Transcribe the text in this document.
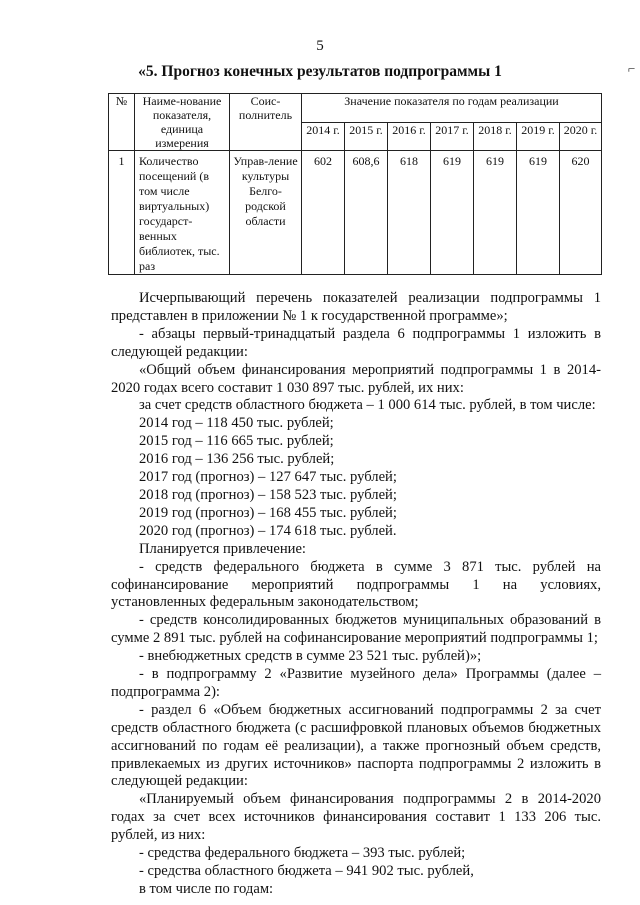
5
«5. Прогноз конечных результатов подпрограммы 1	⌐
№	Наиме-нование показателя, единица измерения	Соис-полнитель	Значение показателя по годам реализации						
			2014 г.	2015 г.	2016 г.	2017 г.	2018 г.	2019 г.	2020 г.
1	Количество посещений (в том числе виртуальных) государст-венных библиотек, тыс. раз	Управ-ление культуры Белго-родской области	602	608,6	618	619	619	619	620

Исчерпывающий перечень показателей реализации подпрограммы 1 представлен в приложении № 1 к государственной программе»;

- абзацы первый-тринадцатый раздела 6 подпрограммы 1 изложить в следующей редакции:

«Общий объем финансирования мероприятий подпрограммы 1 в 2014-2020 годах всего составит 1 030 897 тыс. рублей, их них:

за счет средств областного бюджета – 1 000 614 тыс. рублей, в том числе:

2014 год – 118 450 тыс. рублей;

2015 год – 116 665 тыс. рублей;

2016 год – 136 256 тыс. рублей;

2017 год (прогноз) – 127 647 тыс. рублей;

2018 год (прогноз) – 158 523 тыс. рублей;

2019 год (прогноз) – 168 455 тыс. рублей;

2020 год (прогноз) – 174 618 тыс. рублей.

Планируется привлечение:

- средств федерального бюджета в сумме 3 871 тыс. рублей на софинансирование мероприятий подпрограммы 1 на условиях, установленных федеральным законодательством;

- средств консолидированных бюджетов муниципальных образований в сумме 2 891 тыс. рублей на софинансирование мероприятий подпрограммы 1;

- внебюджетных средств в сумме 23 521 тыс. рублей)»;

- в подпрограмму 2 «Развитие музейного дела» Программы (далее – подпрограмма 2):

- раздел 6 «Объем бюджетных ассигнований подпрограммы 2 за счет средств областного бюджета (с расшифровкой плановых объемов бюджетных ассигнований по годам её реализации), а также прогнозный объем средств, привлекаемых из других источников» паспорта подпрограммы 2 изложить в следующей редакции:

«Планируемый объем финансирования подпрограммы 2 в 2014-2020 годах за счет всех источников финансирования составит 1 133 206 тыс. рублей, из них:

- средства федерального бюджета – 393 тыс. рублей;

- средства областного бюджета – 941 902 тыс. рублей,

в том числе по годам:
